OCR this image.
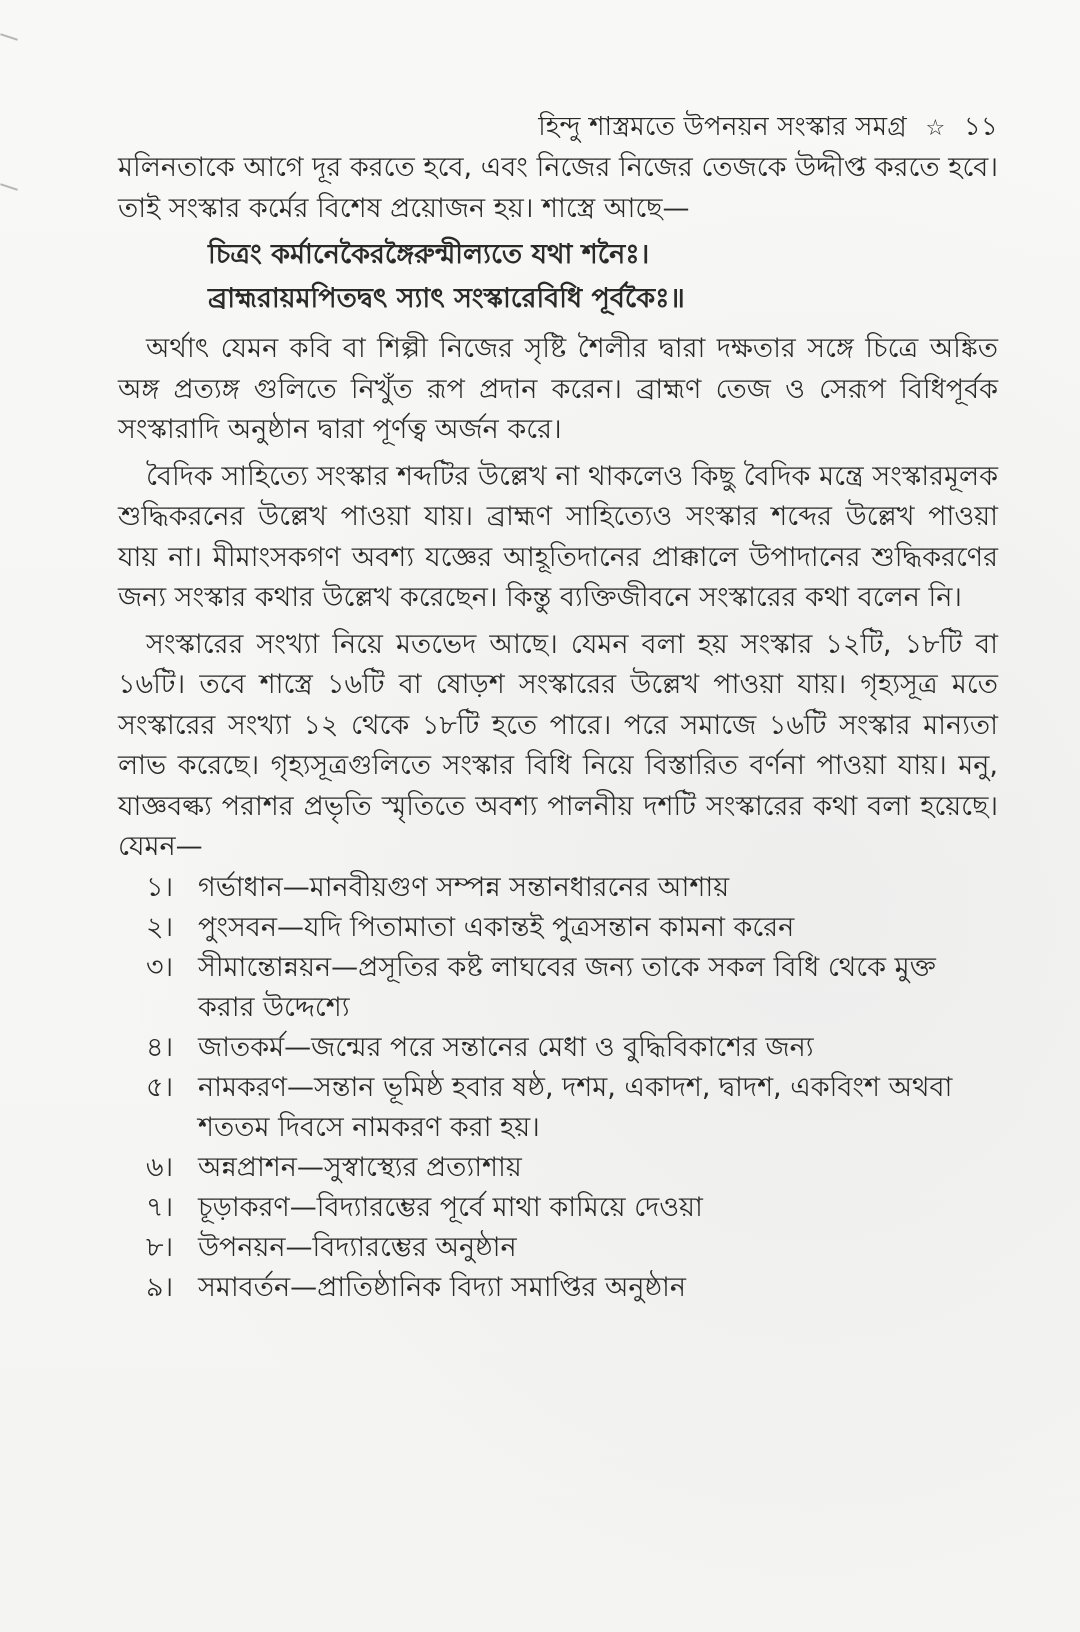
হিন্দু শাস্ত্রমতে উপনয়ন সংস্কার সমগ্র ☆ ১১

মলিনতাকে আগে দূর করতে হবে, এবং নিজের নিজের তেজকে উদ্দীপ্ত করতে হবে। তাই সংস্কার কর্মের বিশেষ প্রয়োজন হয়। শাস্ত্রে আছে—

চিত্রং কর্মানেকৈরঙ্গৈরুন্মীল্যতে যথা শনৈঃ।
ব্রাহ্মরায়মপিতদ্বৎ স্যাৎ সংস্কারেবিধি পূর্বকৈঃ॥

অর্থাৎ যেমন কবি বা শিল্পী নিজের সৃষ্টি শৈলীর দ্বারা দক্ষতার সঙ্গে চিত্রে অঙ্কিত অঙ্গ প্রত্যঙ্গ গুলিতে নিখুঁত রূপ প্রদান করেন। ব্রাহ্মণ তেজ ও সেরূপ বিধিপূর্বক সংস্কারাদি অনুষ্ঠান দ্বারা পূর্ণত্ব অর্জন করে।

বৈদিক সাহিত্যে সংস্কার শব্দটির উল্লেখ না থাকলেও কিছু বৈদিক মন্ত্রে সংস্কারমূলক শুদ্ধিকরনের উল্লেখ পাওয়া যায়। ব্রাহ্মণ সাহিত্যেও সংস্কার শব্দের উল্লেখ পাওয়া যায় না। মীমাংসকগণ অবশ্য যজ্ঞের আহূতিদানের প্রাক্কালে উপাদানের শুদ্ধিকরণের জন্য সংস্কার কথার উল্লেখ করেছেন। কিন্তু ব্যক্তিজীবনে সংস্কারের কথা বলেন নি।

সংস্কারের সংখ্যা নিয়ে মতভেদ আছে। যেমন বলা হয় সংস্কার ১২টি, ১৮টি বা ১৬টি। তবে শাস্ত্রে ১৬টি বা ষোড়শ সংস্কারের উল্লেখ পাওয়া যায়। গৃহ্যসূত্র মতে সংস্কারের সংখ্যা ১২ থেকে ১৮টি হতে পারে। পরে সমাজে ১৬টি সংস্কার মান্যতা লাভ করেছে। গৃহ্যসূত্রগুলিতে সংস্কার বিধি নিয়ে বিস্তারিত বর্ণনা পাওয়া যায়। মনু, যাজ্ঞবল্ক্য পরাশর প্রভৃতি স্মৃতিতে অবশ্য পালনীয় দশটি সংস্কারের কথা বলা হয়েছে। যেমন—

১। গর্ভাধান — মানবীয়গুণ সম্পন্ন সন্তানধারনের আশায়
২। পুংসবন — যদি পিতামাতা একান্তই পুত্রসন্তান কামনা করেন
৩। সীমান্তোন্নয়ন — প্রসূতির কষ্ট লাঘবের জন্য তাকে সকল বিধি থেকে মুক্ত করার উদ্দেশ্যে
৪। জাতকর্ম — জন্মের পরে সন্তানের মেধা ও বুদ্ধিবিকাশের জন্য
৫। নামকরণ — সন্তান ভূমিষ্ঠ হবার ষষ্ঠ, দশম, একাদশ, দ্বাদশ, একবিংশ অথবা শততম দিবসে নামকরণ করা হয়।
৬। অন্নপ্রাশন — সুস্বাস্থ্যের প্রত্যাশায়
৭। চূড়াকরণ — বিদ্যারম্ভের পূর্বে মাথা কামিয়ে দেওয়া
৮। উপনয়ন — বিদ্যারম্ভের অনুষ্ঠান
৯। সমাবর্তন — প্রাতিষ্ঠানিক বিদ্যা সমাপ্তির অনুষ্ঠান
